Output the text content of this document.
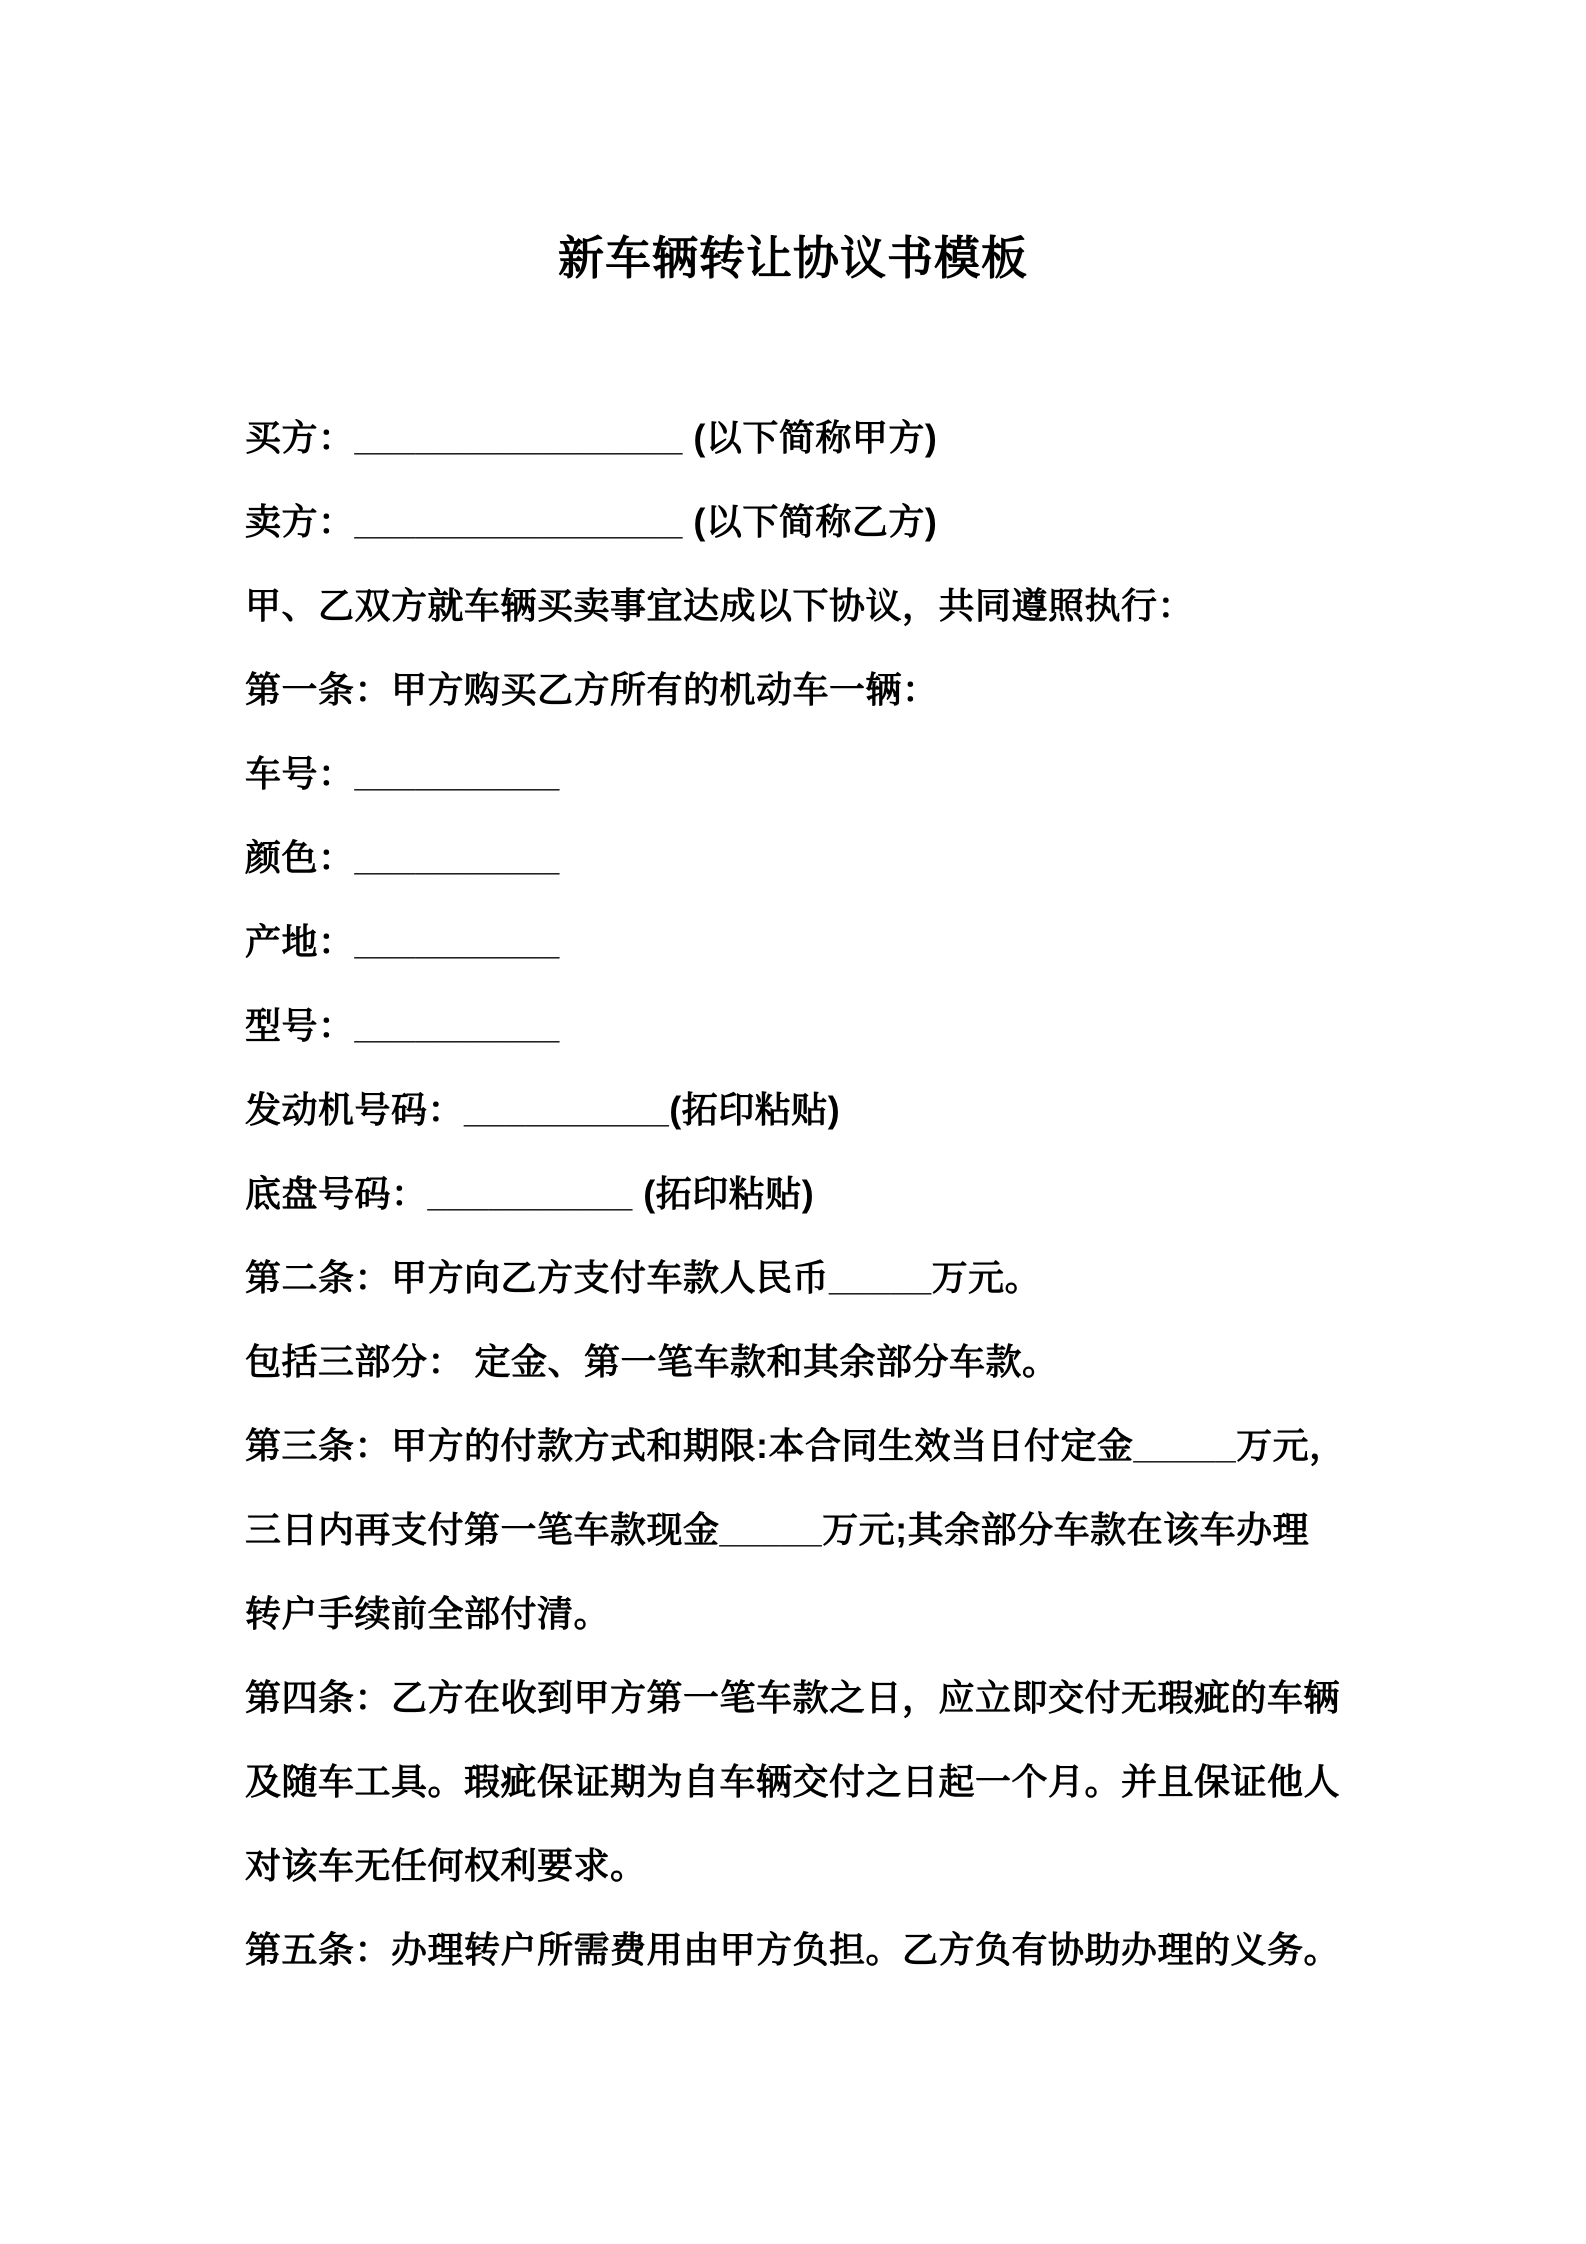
新车辆转让协议书模板

买方：________________ (以下简称甲方)

卖方：________________ (以下简称乙方)

甲、乙双方就车辆买卖事宜达成以下协议，共同遵照执行：

第一条：甲方购买乙方所有的机动车一辆：

车号：__________

颜色：__________

产地：__________

型号：__________

发动机号码：__________(拓印粘贴)

底盘号码：__________ (拓印粘贴)

第二条：甲方向乙方支付车款人民币_____万元。

包括三部分： 定金、第一笔车款和其余部分车款。

第三条：甲方的付款方式和期限:本合同生效当日付定金_____万元，

三日内再支付第一笔车款现金_____万元;其余部分车款在该车办理

转户手续前全部付清。

第四条：乙方在收到甲方第一笔车款之日，应立即交付无瑕疵的车辆

及随车工具。瑕疵保证期为自车辆交付之日起一个月。并且保证他人

对该车无任何权利要求。

第五条：办理转户所需费用由甲方负担。乙方负有协助办理的义务。
